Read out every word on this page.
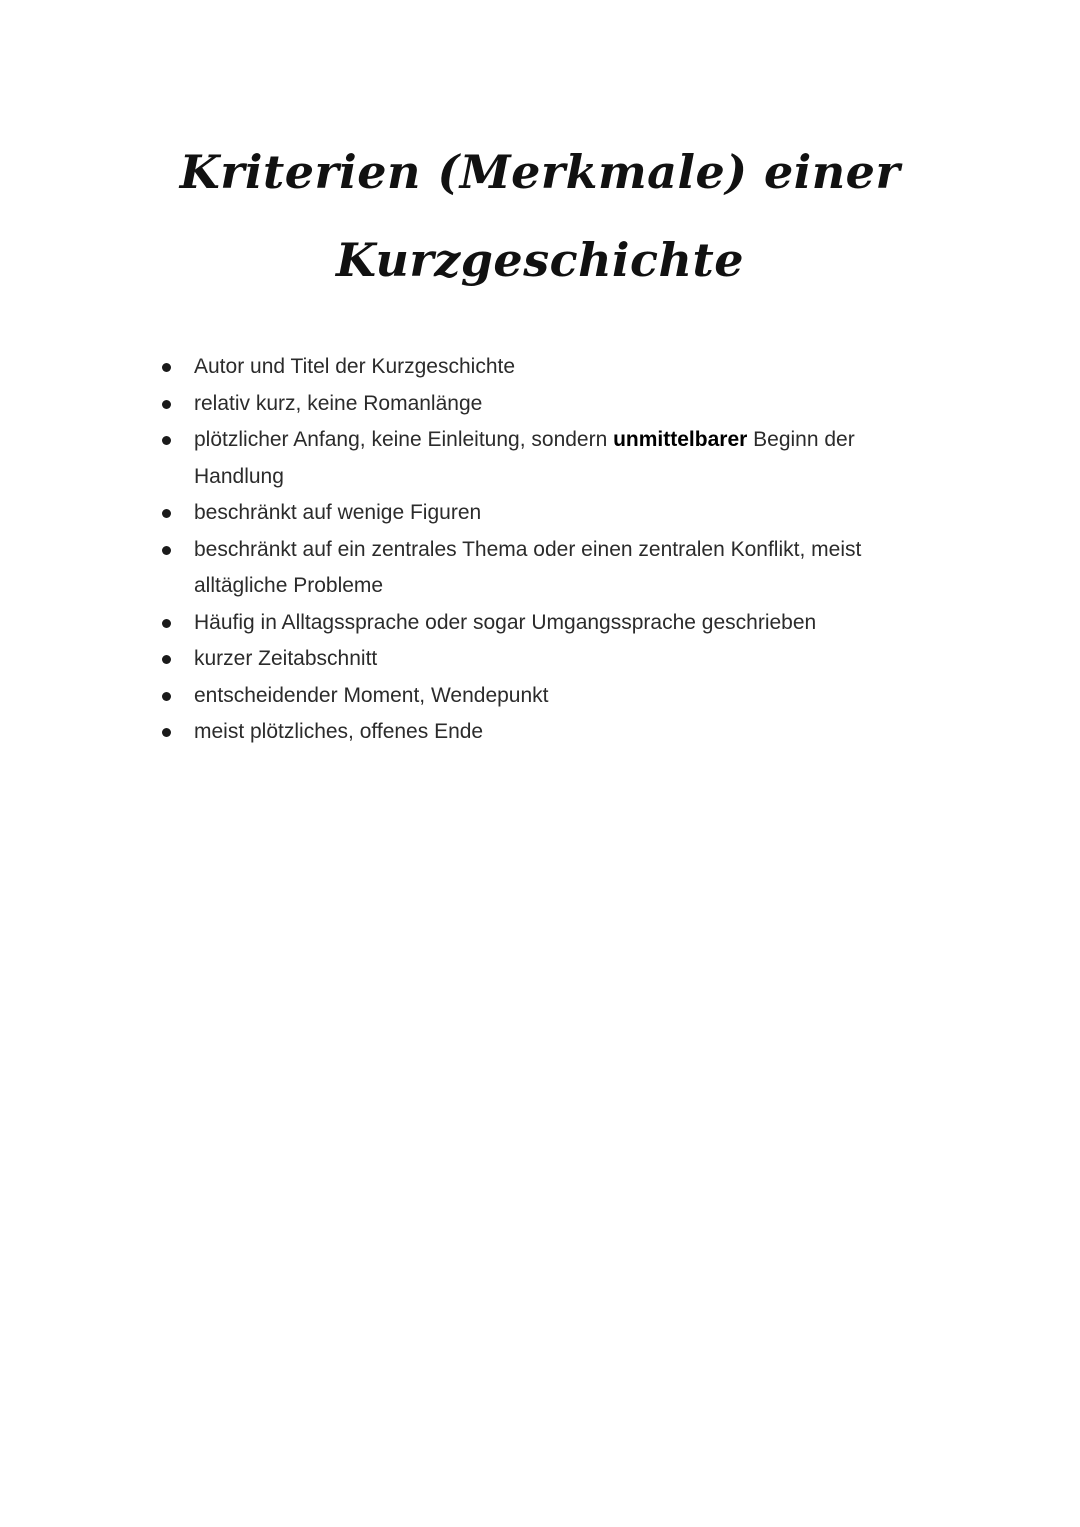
Kriterien (Merkmale) einer
Kurzgeschichte
Autor und Titel der Kurzgeschichte
relativ kurz, keine Romanlänge
plötzlicher Anfang, keine Einleitung, sondern unmittelbarer Beginn der Handlung
beschränkt auf wenige Figuren
beschränkt auf ein zentrales Thema oder einen zentralen Konflikt, meist alltägliche Probleme
Häufig in Alltagssprache oder sogar Umgangssprache geschrieben
kurzer Zeitabschnitt
entscheidender Moment, Wendepunkt
meist plötzliches, offenes Ende
